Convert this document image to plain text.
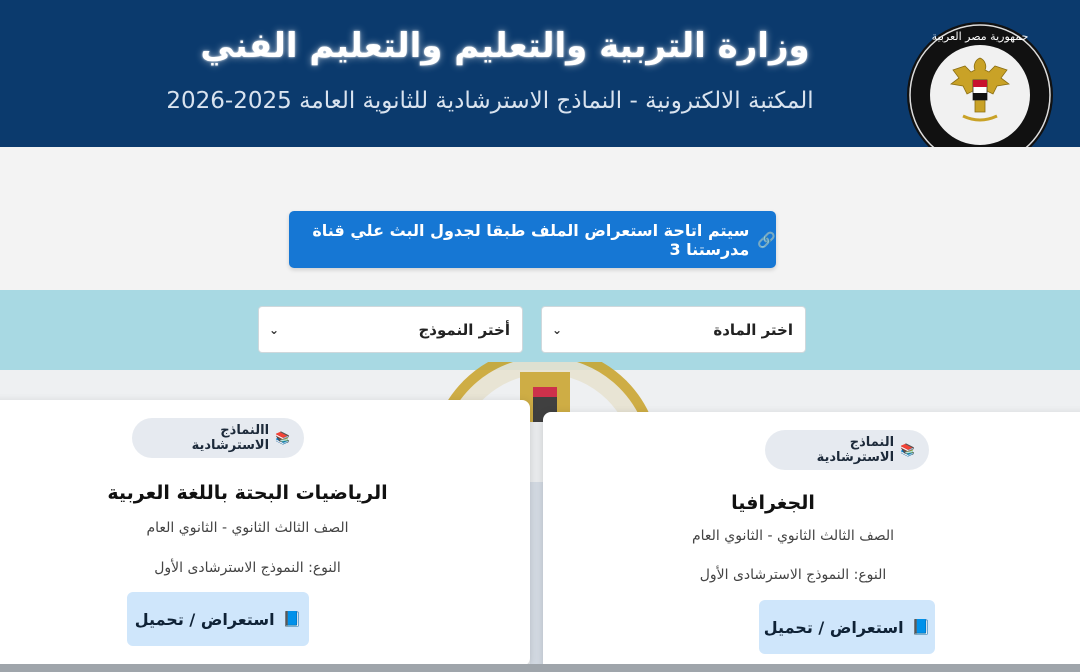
وزارة التربية والتعليم والتعليم الفني
المكتبة الالكترونية - النماذج الاسترشادية للثانوية العامة 2025-2026
جمهورية مصر العربية
🔗
سيتم اتاحة استعراض الملف طبقا لجدول البث علي قناة مدرستنا 3
اختر المادة
⌄
أختر النموذج
⌄
📚
االنماذج الاسترشادية
الرياضيات البحتة باللغة العربية
الصف الثالث الثانوي - الثانوي العام
النوع: النموذج الاسترشادى الأول
📘
استعراض / تحميل
📚
النماذج الاسترشادية
الجغرافيا
الصف الثالث الثانوي - الثانوي العام
النوع: النموذج الاسترشادى الأول
📘
استعراض / تحميل
